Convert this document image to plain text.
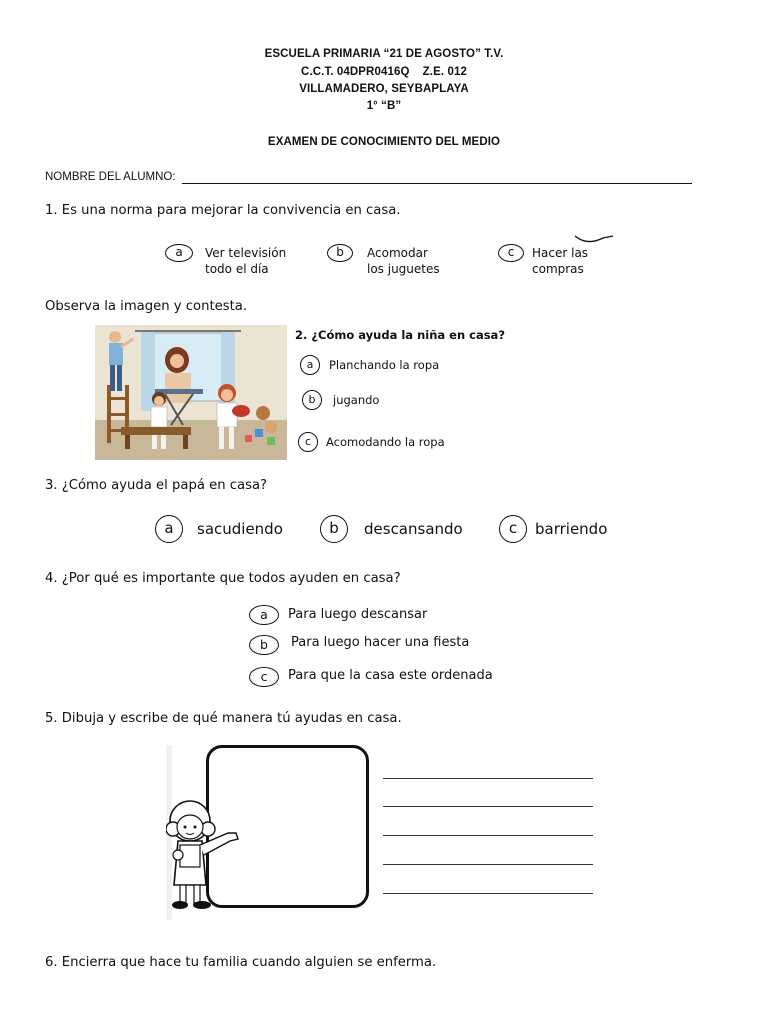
ESCUELA PRIMARIA “21 DE AGOSTO” T.V.
C.C.T. 04DPR0416Q    Z.E. 012
VILLAMADERO, SEYBAPLAYA
1° “B”
EXAMEN DE CONOCIMIENTO DEL MEDIO
NOMBRE DEL ALUMNO:
1. Es una norma para mejorar la convivencia en casa.
a	Ver televisión
todo el día
b	Acomodar
los juguetes
c	Hacer las
compras
Observa la imagen y contesta.
2. ¿Cómo ayuda la niña en casa?
a	Planchando la ropa
b	jugando
c	Acomodando la ropa
3. ¿Cómo ayuda el papá en casa?
a	sacudiendo	b	descansando	c	barriendo
4. ¿Por qué es importante que todos ayuden en casa?
a	Para luego descansar
b	Para luego hacer una fiesta
c	Para que la casa este ordenada
5. Dibuja y escribe de qué manera tú ayudas en casa.
6. Encierra que hace tu familia cuando alguien se enferma.
